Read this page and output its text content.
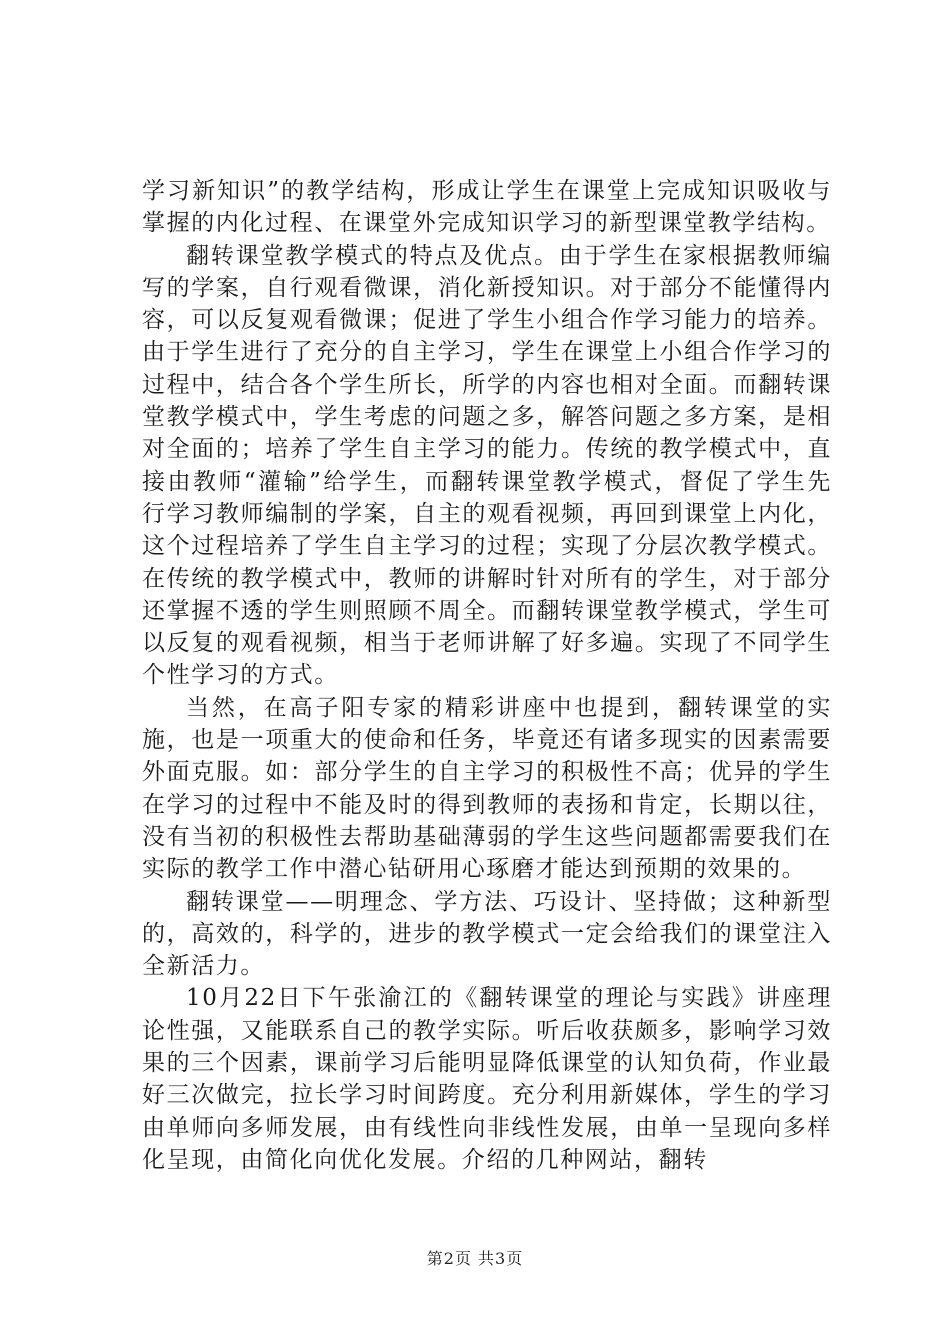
学习新知识”的教学结构，形成让学生在课堂上完成知识吸收与掌握的内化过程、在课堂外完成知识学习的新型课堂教学结构。

翻转课堂教学模式的特点及优点。由于学生在家根据教师编写的学案，自行观看微课，消化新授知识。对于部分不能懂得内容，可以反复观看微课；促进了学生小组合作学习能力的培养。由于学生进行了充分的自主学习，学生在课堂上小组合作学习的过程中，结合各个学生所长，所学的内容也相对全面。而翻转课堂教学模式中，学生考虑的问题之多，解答问题之多方案，是相对全面的；培养了学生自主学习的能力。传统的教学模式中，直接由教师“灌输”给学生，而翻转课堂教学模式，督促了学生先行学习教师编制的学案，自主的观看视频，再回到课堂上内化，这个过程培养了学生自主学习的过程；实现了分层次教学模式。在传统的教学模式中，教师的讲解时针对所有的学生，对于部分还掌握不透的学生则照顾不周全。而翻转课堂教学模式，学生可以反复的观看视频，相当于老师讲解了好多遍。实现了不同学生个性学习的方式。

当然，在高子阳专家的精彩讲座中也提到，翻转课堂的实施，也是一项重大的使命和任务，毕竟还有诸多现实的因素需要外面克服。如：部分学生的自主学习的积极性不高；优异的学生在学习的过程中不能及时的得到教师的表扬和肯定，长期以往，没有当初的积极性去帮助基础薄弱的学生这些问题都需要我们在实际的教学工作中潜心钻研用心琢磨才能达到预期的效果的。

翻转课堂——明理念、学方法、巧设计、坚持做；这种新型的，高效的，科学的，进步的教学模式一定会给我们的课堂注入全新活力。

10月22日下午张渝江的《翻转课堂的理论与实践》讲座理论性强，又能联系自己的教学实际。听后收获颇多，影响学习效果的三个因素，课前学习后能明显降低课堂的认知负荷，作业最好三次做完，拉长学习时间跨度。充分利用新媒体，学生的学习由单师向多师发展，由有线性向非线性发展，由单一呈现向多样化呈现，由简化向优化发展。介绍的几种网站，翻转

第2页 共3页
